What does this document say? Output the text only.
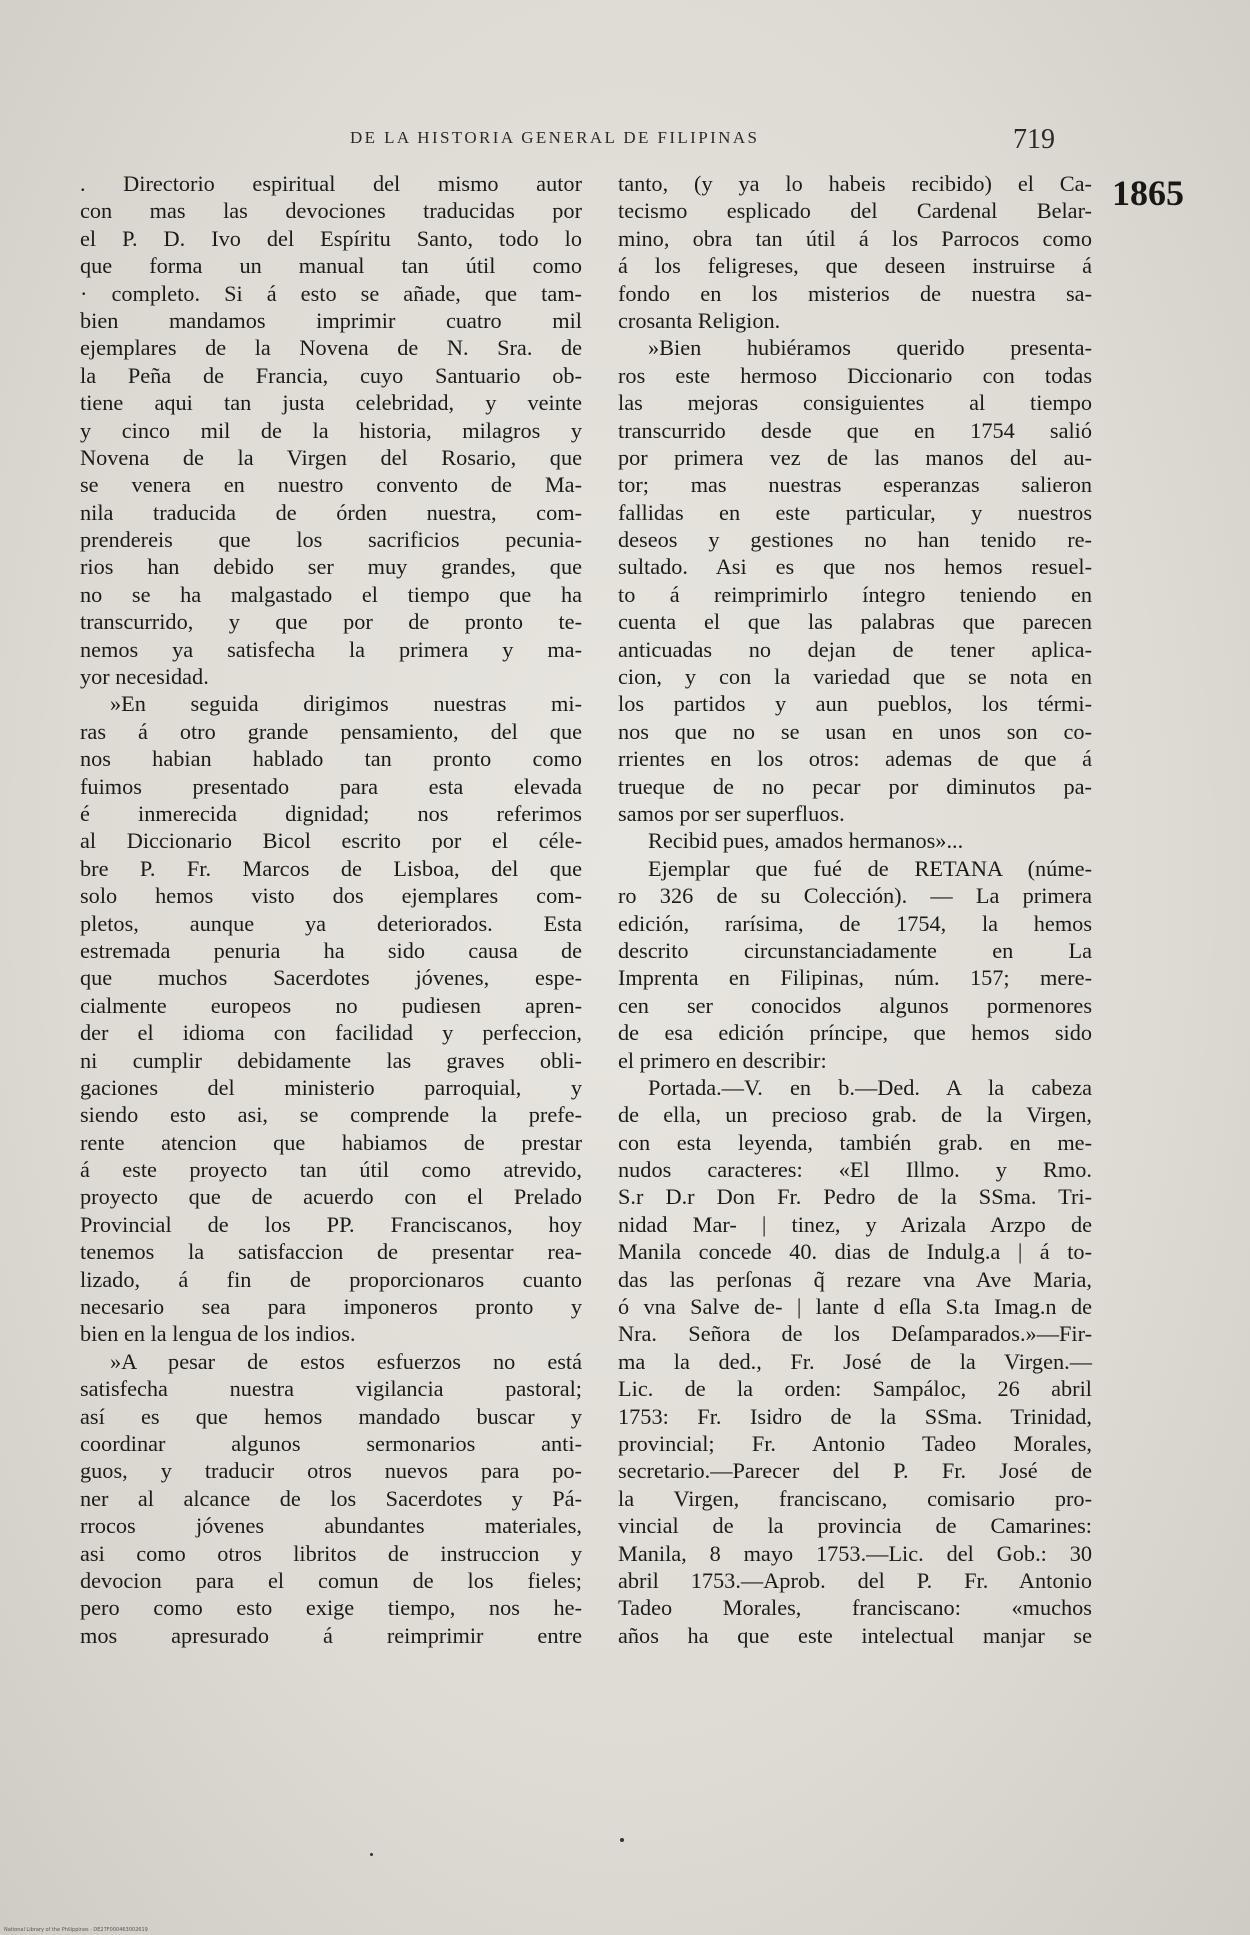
DE LA HISTORIA GENERAL DE FILIPINAS	719
1865
. Directorio espiritual del mismo autor
con mas las devociones traducidas por
el P. D. Ivo del Espíritu Santo, todo lo
que forma un manual tan útil como
· completo. Si á esto se añade, que tam-
bien mandamos imprimir cuatro mil
ejemplares de la Novena de N. Sra. de
la Peña de Francia, cuyo Santuario ob-
tiene aqui tan justa celebridad, y veinte
y cinco mil de la historia, milagros y
Novena de la Virgen del Rosario, que
se venera en nuestro convento de Ma-
nila traducida de órden nuestra, com-
prendereis que los sacrificios pecunia-
rios han debido ser muy grandes, que
no se ha malgastado el tiempo que ha
transcurrido, y que por de pronto te-
nemos ya satisfecha la primera y ma-
yor necesidad.
»En seguida dirigimos nuestras mi-
ras á otro grande pensamiento, del que
nos habian hablado tan pronto como
fuimos presentado para esta elevada
é inmerecida dignidad; nos referimos
al Diccionario Bicol escrito por el céle-
bre P. Fr. Marcos de Lisboa, del que
solo hemos visto dos ejemplares com-
pletos, aunque ya deteriorados. Esta
estremada penuria ha sido causa de
que muchos Sacerdotes jóvenes, espe-
cialmente europeos no pudiesen apren-
der el idioma con facilidad y perfeccion,
ni cumplir debidamente las graves obli-
gaciones del ministerio parroquial, y
siendo esto asi, se comprende la prefe-
rente atencion que habiamos de prestar
á este proyecto tan útil como atrevido,
proyecto que de acuerdo con el Prelado
Provincial de los PP. Franciscanos, hoy
tenemos la satisfaccion de presentar rea-
lizado, á fin de proporcionaros cuanto
necesario sea para imponeros pronto y
bien en la lengua de los indios.
»A pesar de estos esfuerzos no está
satisfecha nuestra vigilancia pastoral;
así es que hemos mandado buscar y
coordinar algunos sermonarios anti-
guos, y traducir otros nuevos para po-
ner al alcance de los Sacerdotes y Pá-
rrocos jóvenes abundantes materiales,
asi como otros libritos de instruccion y
devocion para el comun de los fieles;
pero como esto exige tiempo, nos he-
mos apresurado á reimprimir entre
tanto, (y ya lo habeis recibido) el Ca-
tecismo esplicado del Cardenal Belar-
mino, obra tan útil á los Parrocos como
á los feligreses, que deseen instruirse á
fondo en los misterios de nuestra sa-
crosanta Religion.
»Bien hubiéramos querido presenta-
ros este hermoso Diccionario con todas
las mejoras consiguientes al tiempo
transcurrido desde que en 1754 salió
por primera vez de las manos del au-
tor; mas nuestras esperanzas salieron
fallidas en este particular, y nuestros
deseos y gestiones no han tenido re-
sultado. Asi es que nos hemos resuel-
to á reimprimirlo íntegro teniendo en
cuenta el que las palabras que parecen
anticuadas no dejan de tener aplica-
cion, y con la variedad que se nota en
los partidos y aun pueblos, los térmi-
nos que no se usan en unos son co-
rrientes en los otros: ademas de que á
trueque de no pecar por diminutos pa-
samos por ser superfluos.
Recibid pues, amados hermanos»...
Ejemplar que fué de RETANA (núme-
ro 326 de su Colección). — La primera
edición, rarísima, de 1754, la hemos
descrito circunstanciadamente en La
Imprenta en Filipinas, núm. 157; mere-
cen ser conocidos algunos pormenores
de esa edición príncipe, que hemos sido
el primero en describir:
Portada.—V. en b.—Ded. A la cabeza
de ella, un precioso grab. de la Virgen,
con esta leyenda, también grab. en me-
nudos caracteres: «El Illmo. y Rmo.
S.r D.r Don Fr. Pedro de la SSma. Tri-
nidad Mar- | tinez, y Arizala Arzpo de
Manila concede 40. dias de Indulg.a | á to-
das las perſonas q̃ rezare vna Ave Maria,
ó vna Salve de- | lante d eſla S.ta Imag.n de
Nra. Señora de los Deſamparados.»—Fir-
ma la ded., Fr. José de la Virgen.—
Lic. de la orden: Sampáloc, 26 abril
1753: Fr. Isidro de la SSma. Trinidad,
provincial; Fr. Antonio Tadeo Morales,
secretario.—Parecer del P. Fr. José de
la Virgen, franciscano, comisario pro-
vincial de la provincia de Camarines:
Manila, 8 mayo 1753.—Lic. del Gob.: 30
abril 1753.—Aprob. del P. Fr. Antonio
Tadeo Morales, franciscano: «muchos
años ha que este intelectual manjar se
National Library of the Philippines · DE27F000463002619
